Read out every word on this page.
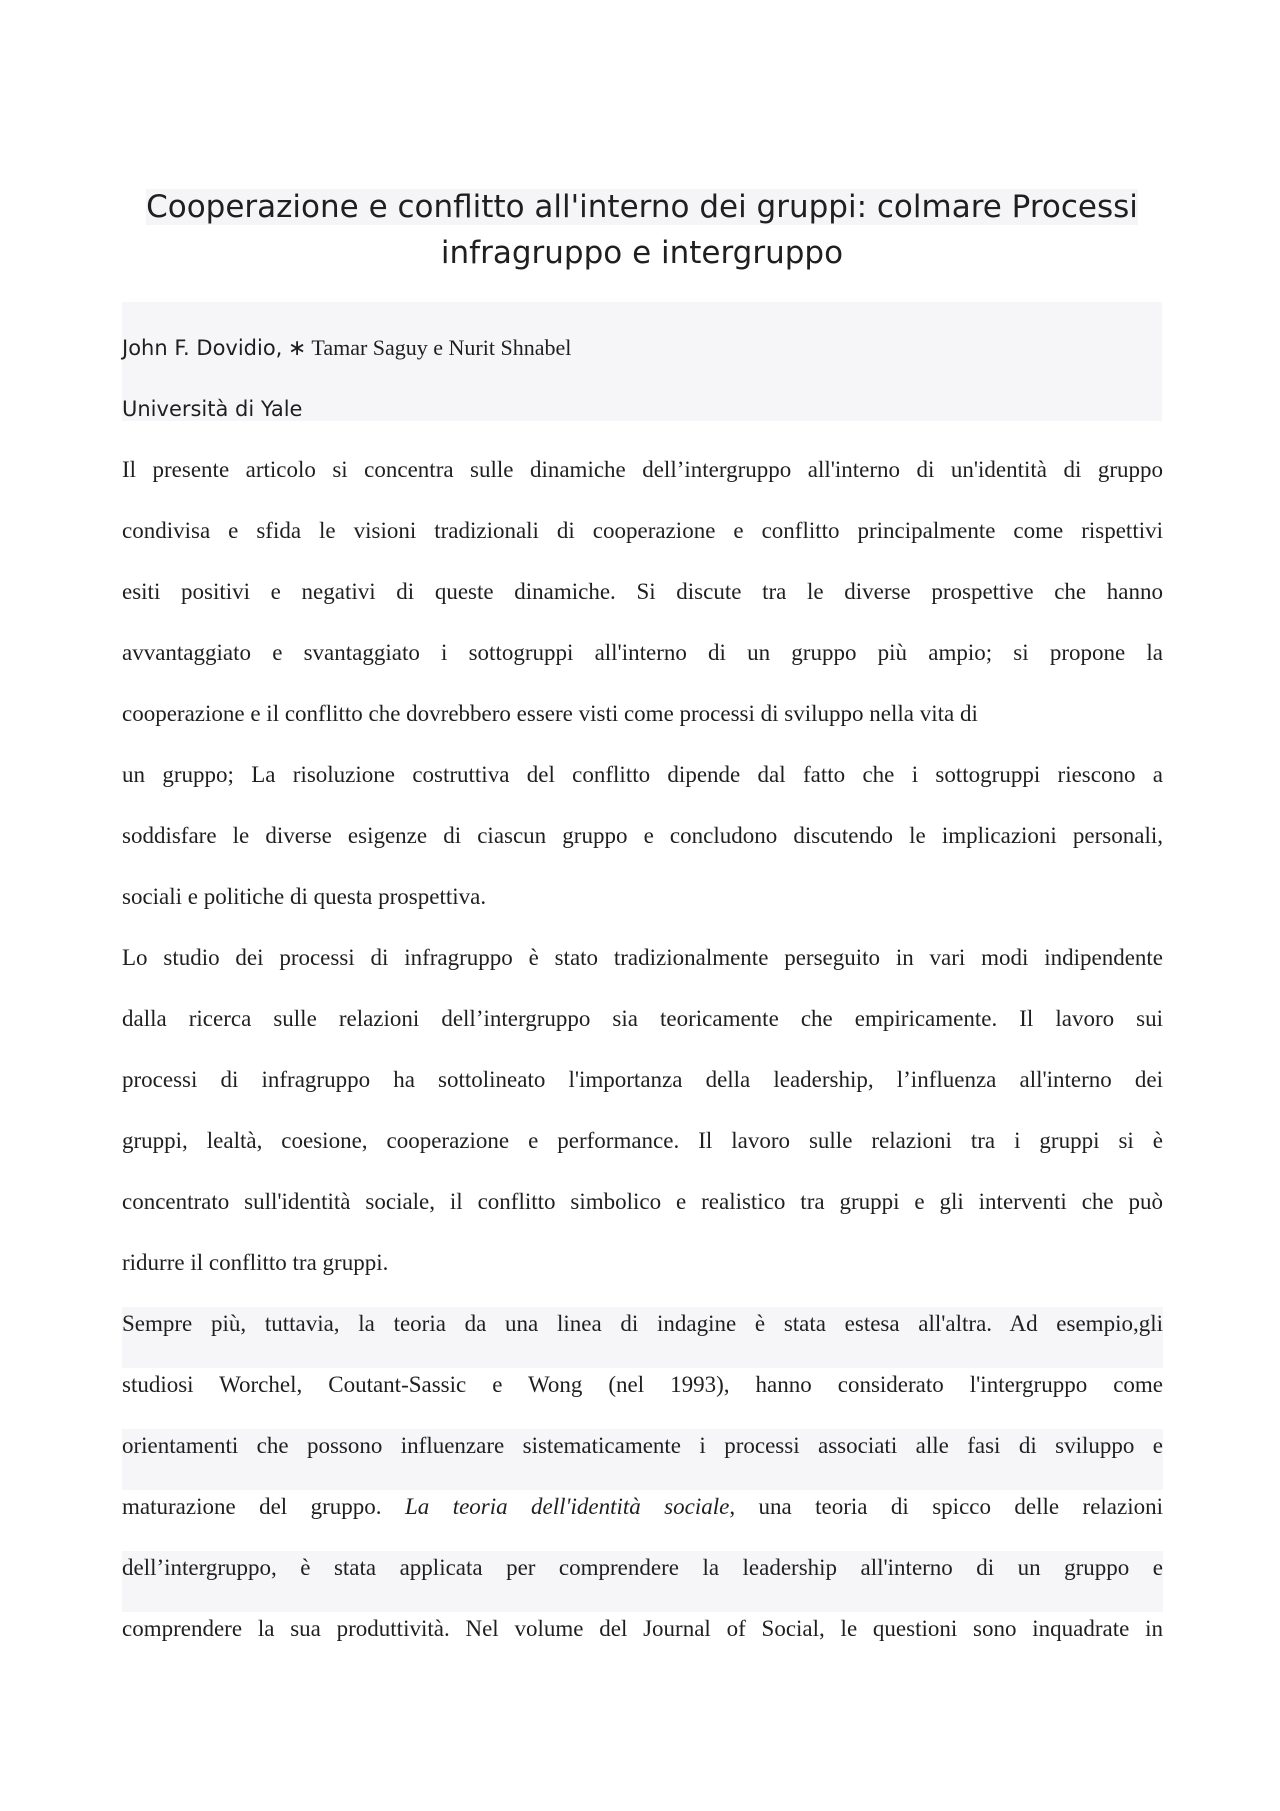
Cooperazione e conflitto all'interno dei gruppi: colmare Processi
infragruppo e intergruppo
John F. Dovidio, ∗ Tamar Saguy e Nurit Shnabel
Università di Yale
Il presente articolo si concentra sulle dinamiche dell’intergruppo all'interno di un'identità di gruppo
condivisa e sfida le visioni tradizionali di cooperazione e conflitto principalmente come rispettivi
esiti positivi e negativi di queste dinamiche. Si discute tra le diverse prospettive che hanno
avvantaggiato e svantaggiato i sottogruppi all'interno di un gruppo più ampio; si propone la
cooperazione e il conflitto che dovrebbero essere visti come processi di sviluppo nella vita di
un gruppo; La risoluzione costruttiva del conflitto dipende dal fatto che i sottogruppi riescono a
soddisfare le diverse esigenze di ciascun gruppo e concludono discutendo le implicazioni personali,
sociali e politiche di questa prospettiva.
Lo studio dei processi di infragruppo è stato tradizionalmente perseguito in vari modi indipendente
dalla ricerca sulle relazioni dell’intergruppo sia teoricamente che empiricamente. Il lavoro sui
processi di infragruppo ha sottolineato l'importanza della leadership, l’influenza all'interno dei
gruppi, lealtà, coesione, cooperazione e performance. Il lavoro sulle relazioni tra i gruppi si è
concentrato sull'identità sociale, il conflitto simbolico e realistico tra gruppi e gli interventi che può
ridurre il conflitto tra gruppi.
Sempre più, tuttavia, la teoria da una linea di indagine è stata estesa all'altra. Ad esempio,gli
studiosi Worchel, Coutant-Sassic e Wong (nel 1993), hanno considerato l'intergruppo come
orientamenti che possono influenzare sistematicamente i processi associati alle fasi di sviluppo e
maturazione del gruppo. La teoria dell'identità sociale, una teoria di spicco delle relazioni
dell’intergruppo, è stata applicata per comprendere la leadership all'interno di un gruppo e
comprendere la sua produttività. Nel volume del Journal of Social, le questioni sono inquadrate in
